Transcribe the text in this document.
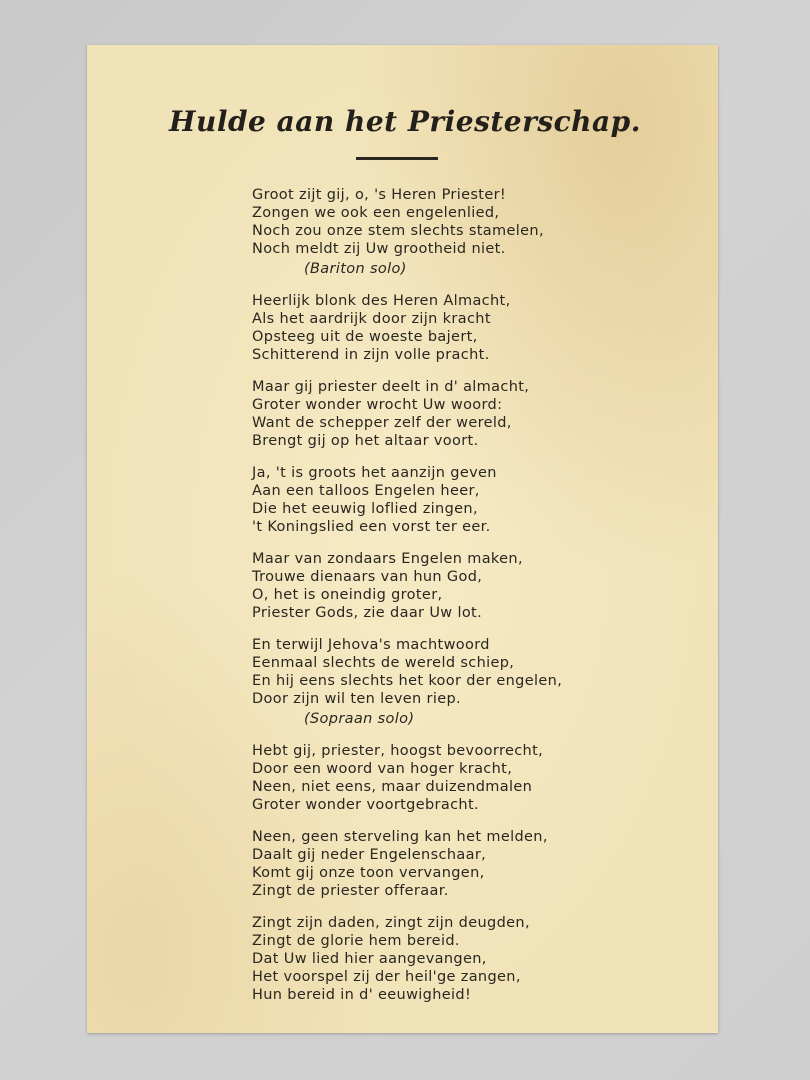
Hulde aan het Priesterschap.
Groot zijt gij, o, 's Heren Priester!
Zongen we ook een engelenlied,
Noch zou onze stem slechts stamelen,
Noch meldt zij Uw grootheid niet.
(Bariton solo)
Heerlijk blonk des Heren Almacht,
Als het aardrijk door zijn kracht
Opsteeg uit de woeste bajert,
Schitterend in zijn volle pracht.
Maar gij priester deelt in d' almacht,
Groter wonder wrocht Uw woord:
Want de schepper zelf der wereld,
Brengt gij op het altaar voort.
Ja, 't is groots het aanzijn geven
Aan een talloos Engelen heer,
Die het eeuwig loflied zingen,
't Koningslied een vorst ter eer.
Maar van zondaars Engelen maken,
Trouwe dienaars van hun God,
O, het is oneindig groter,
Priester Gods, zie daar Uw lot.
En terwijl Jehova's machtwoord
Eenmaal slechts de wereld schiep,
En hij eens slechts het koor der engelen,
Door zijn wil ten leven riep.
(Sopraan solo)
Hebt gij, priester, hoogst bevoorrecht,
Door een woord van hoger kracht,
Neen, niet eens, maar duizendmalen
Groter wonder voortgebracht.
Neen, geen sterveling kan het melden,
Daalt gij neder Engelenschaar,
Komt gij onze toon vervangen,
Zingt de priester offeraar.
Zingt zijn daden, zingt zijn deugden,
Zingt de glorie hem bereid.
Dat Uw lied hier aangevangen,
Het voorspel zij der heil'ge zangen,
Hun bereid in d' eeuwigheid!
